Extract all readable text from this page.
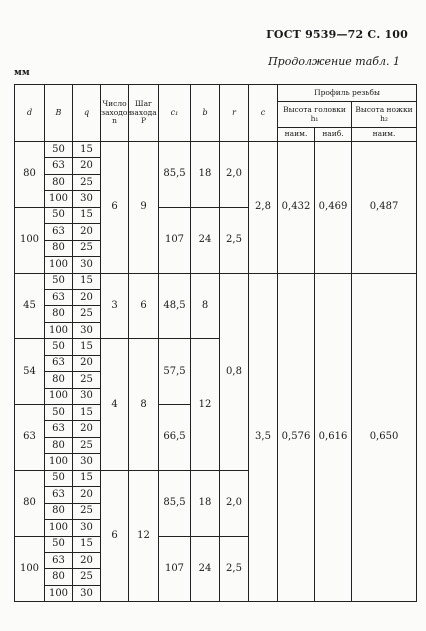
ГОСТ 9539—72 С. 100
Продолжение табл. 1
мм
d	B	q	Число заходов n	Шаг захода P	c₁	b	r	c	Профиль резьбы		
									Высота головки h₁		Высота ножки h₂
									наим.	наиб.	наим.
80	50	15	6	9	85,5	18	2,0	2,8	0,432	0,469	0,487
	63	20									
	80	25									
	100	30									
100	50	15			107	24	2,5				
	63	20									
	80	25									
	100	30									
45	50	15	3	6	48,5	8	0,8	3,5	0,576	0,616	0,650
	63	20									
	80	25									
	100	30									
54	50	15	4	8	57,5	12					
	63	20									
	80	25									
	100	30									
63	50	15			66,5						
	63	20									
	80	25									
	100	30									
80	50	15	6	12	85,5	18	2,0				
	63	20									
	80	25									
	100	30									
100	50	15			107	24	2,5				
	63	20									
	80	25									
	100	30									
